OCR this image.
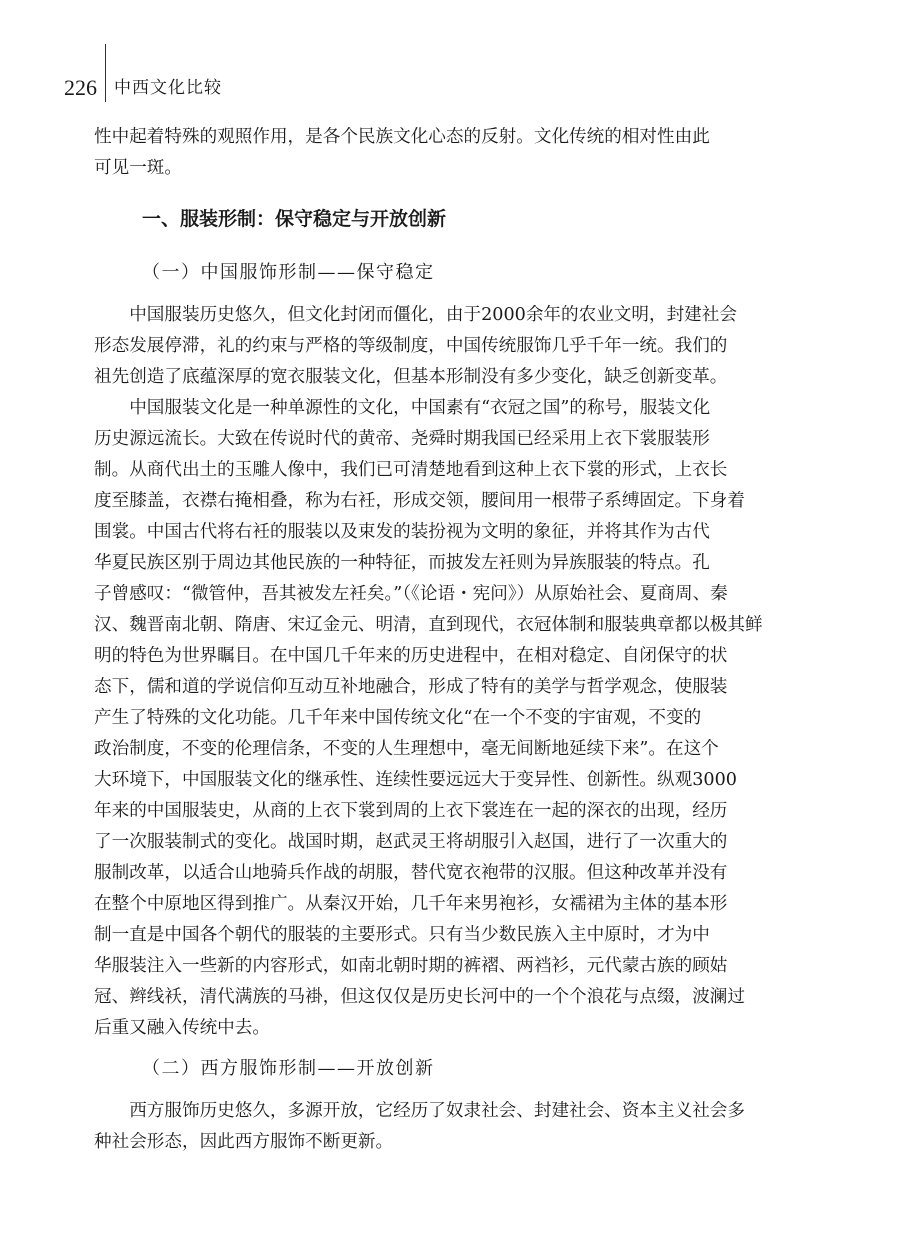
226	中西文化比较

性中起着特殊的观照作用，是各个民族文化心态的反射。文化传统的相对性由此
可见一斑。

一、服装形制：保守稳定与开放创新
（一）中国服饰形制——保守稳定

中国服装历史悠久，但文化封闭而僵化，由于2000余年的农业文明，封建社会
形态发展停滞，礼的约束与严格的等级制度，中国传统服饰几乎千年一统。我们的
祖先创造了底蕴深厚的宽衣服装文化，但基本形制没有多少变化，缺乏创新变革。

中国服装文化是一种单源性的文化，中国素有“衣冠之国”的称号，服装文化
历史源远流长。大致在传说时代的黄帝、尧舜时期我国已经采用上衣下裳服装形
制。从商代出土的玉雕人像中，我们已可清楚地看到这种上衣下裳的形式，上衣长
度至膝盖，衣襟右掩相叠，称为右衽，形成交领，腰间用一根带子系缚固定。下身着
围裳。中国古代将右衽的服装以及束发的装扮视为文明的象征，并将其作为古代
华夏民族区别于周边其他民族的一种特征，而披发左衽则为异族服装的特点。孔
子曾感叹：“微管仲，吾其被发左衽矣。”（《论语・宪问》）从原始社会、夏商周、秦
汉、魏晋南北朝、隋唐、宋辽金元、明清，直到现代，衣冠体制和服装典章都以极其鲜
明的特色为世界瞩目。在中国几千年来的历史进程中，在相对稳定、自闭保守的状
态下，儒和道的学说信仰互动互补地融合，形成了特有的美学与哲学观念，使服装
产生了特殊的文化功能。几千年来中国传统文化“在一个不变的宇宙观，不变的
政治制度，不变的伦理信条，不变的人生理想中，毫无间断地延续下来”。在这个
大环境下，中国服装文化的继承性、连续性要远远大于变异性、创新性。纵观3000
年来的中国服装史，从商的上衣下裳到周的上衣下裳连在一起的深衣的出现，经历
了一次服装制式的变化。战国时期，赵武灵王将胡服引入赵国，进行了一次重大的
服制改革，以适合山地骑兵作战的胡服，替代宽衣袍带的汉服。但这种改革并没有
在整个中原地区得到推广。从秦汉开始，几千年来男袍衫，女襦裙为主体的基本形
制一直是中国各个朝代的服装的主要形式。只有当少数民族入主中原时，才为中
华服装注入一些新的内容形式，如南北朝时期的裤褶、两裆衫，元代蒙古族的顾姑
冠、辫线袄，清代满族的马褂，但这仅仅是历史长河中的一个个浪花与点缀，波澜过
后重又融入传统中去。

（二）西方服饰形制——开放创新

西方服饰历史悠久，多源开放，它经历了奴隶社会、封建社会、资本主义社会多
种社会形态，因此西方服饰不断更新。
